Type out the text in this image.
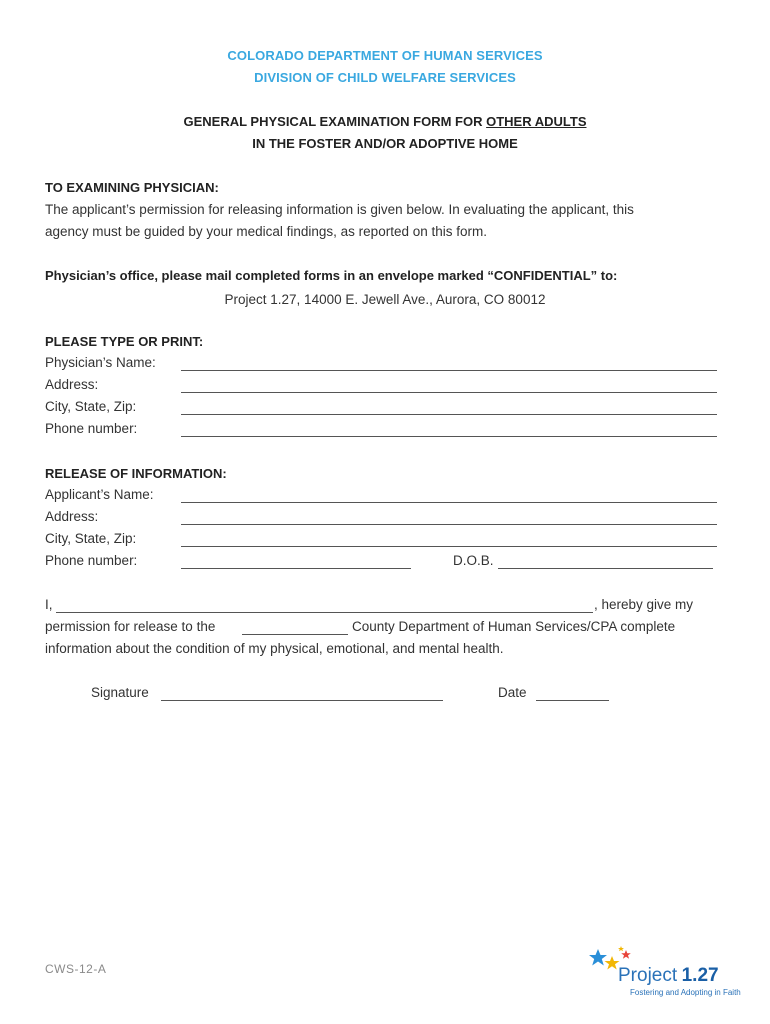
COLORADO DEPARTMENT OF HUMAN SERVICES
DIVISION OF CHILD WELFARE SERVICES
GENERAL PHYSICAL EXAMINATION FORM FOR OTHER ADULTS
IN THE FOSTER AND/OR ADOPTIVE HOME
TO EXAMINING PHYSICIAN:
The applicant’s permission for releasing information is given below. In evaluating the applicant, this
agency must be guided by your medical findings, as reported on this form.
Physician’s office, please mail completed forms in an envelope marked “CONFIDENTIAL” to:
Project 1.27, 14000 E. Jewell Ave., Aurora, CO 80012
PLEASE TYPE OR PRINT:
Physician’s Name:
Address:
City, State, Zip:
Phone number:
RELEASE OF INFORMATION:
Applicant’s Name:
Address:
City, State, Zip:
Phone number:	D.O.B.
I,	, hereby give my
permission for release to the	County Department of Human Services/CPA complete
information about the condition of my physical, emotional, and mental health.
Signature	Date
CWS-12-A	Project 1.27
Fostering and Adopting in Faith
